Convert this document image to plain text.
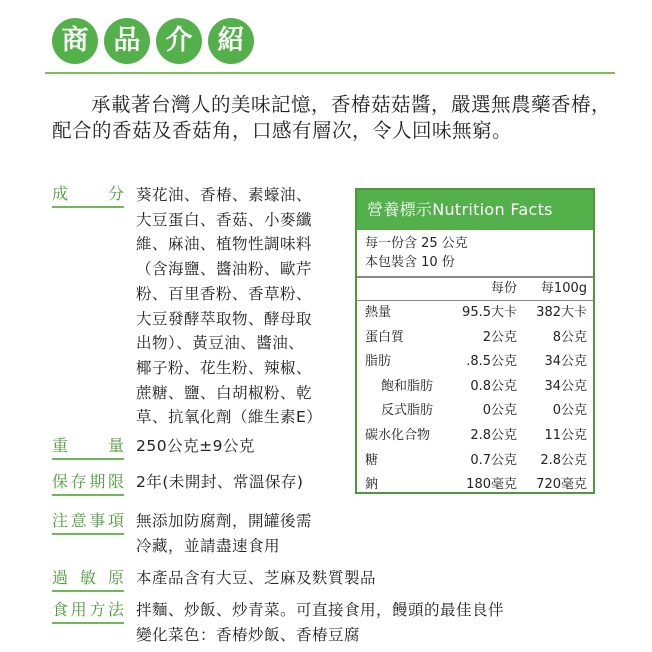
商 品 介 紹

承載著台灣人的美味記憶，香椿菇菇醬，嚴選無農藥香椿，配合的香菇及香菇角，口感有層次，令人回味無窮。

成分 葵花油、香椿、素蠔油、
大豆蛋白、香菇、小麥纖
維、麻油、植物性調味料
（含海鹽、醬油粉、歐芹
粉、百里香粉、香草粉、
大豆發酵萃取物、酵母取
出物）、黃豆油、醬油、
椰子粉、花生粉、辣椒、
蔗糖、鹽、白胡椒粉、乾
草、抗氧化劑（維生素E）
重量 250公克±9公克
保存期限 2年(未開封、常溫保存)
注意事項 無添加防腐劑，開罐後需
冷藏，並請盡速食用
過敏原 本產品含有大豆、芝麻及麩質製品
食用方法 拌麵、炒飯、炒青菜。可直接食用，饅頭的最佳良伴
變化菜色：香椿炒飯、香椿豆腐
營養標示Nutrition Facts
每一份含 25 公克
本包裝含 10 份
每份	每100g
熱量	95.5大卡	382大卡
蛋白質	2公克	8公克
脂肪	.8.5公克	34公克
飽和脂肪	0.8公克	34公克
反式脂肪	0公克	0公克
碳水化合物	2.8公克	11公克
糖	0.7公克	2.8公克
鈉	180毫克	720毫克
